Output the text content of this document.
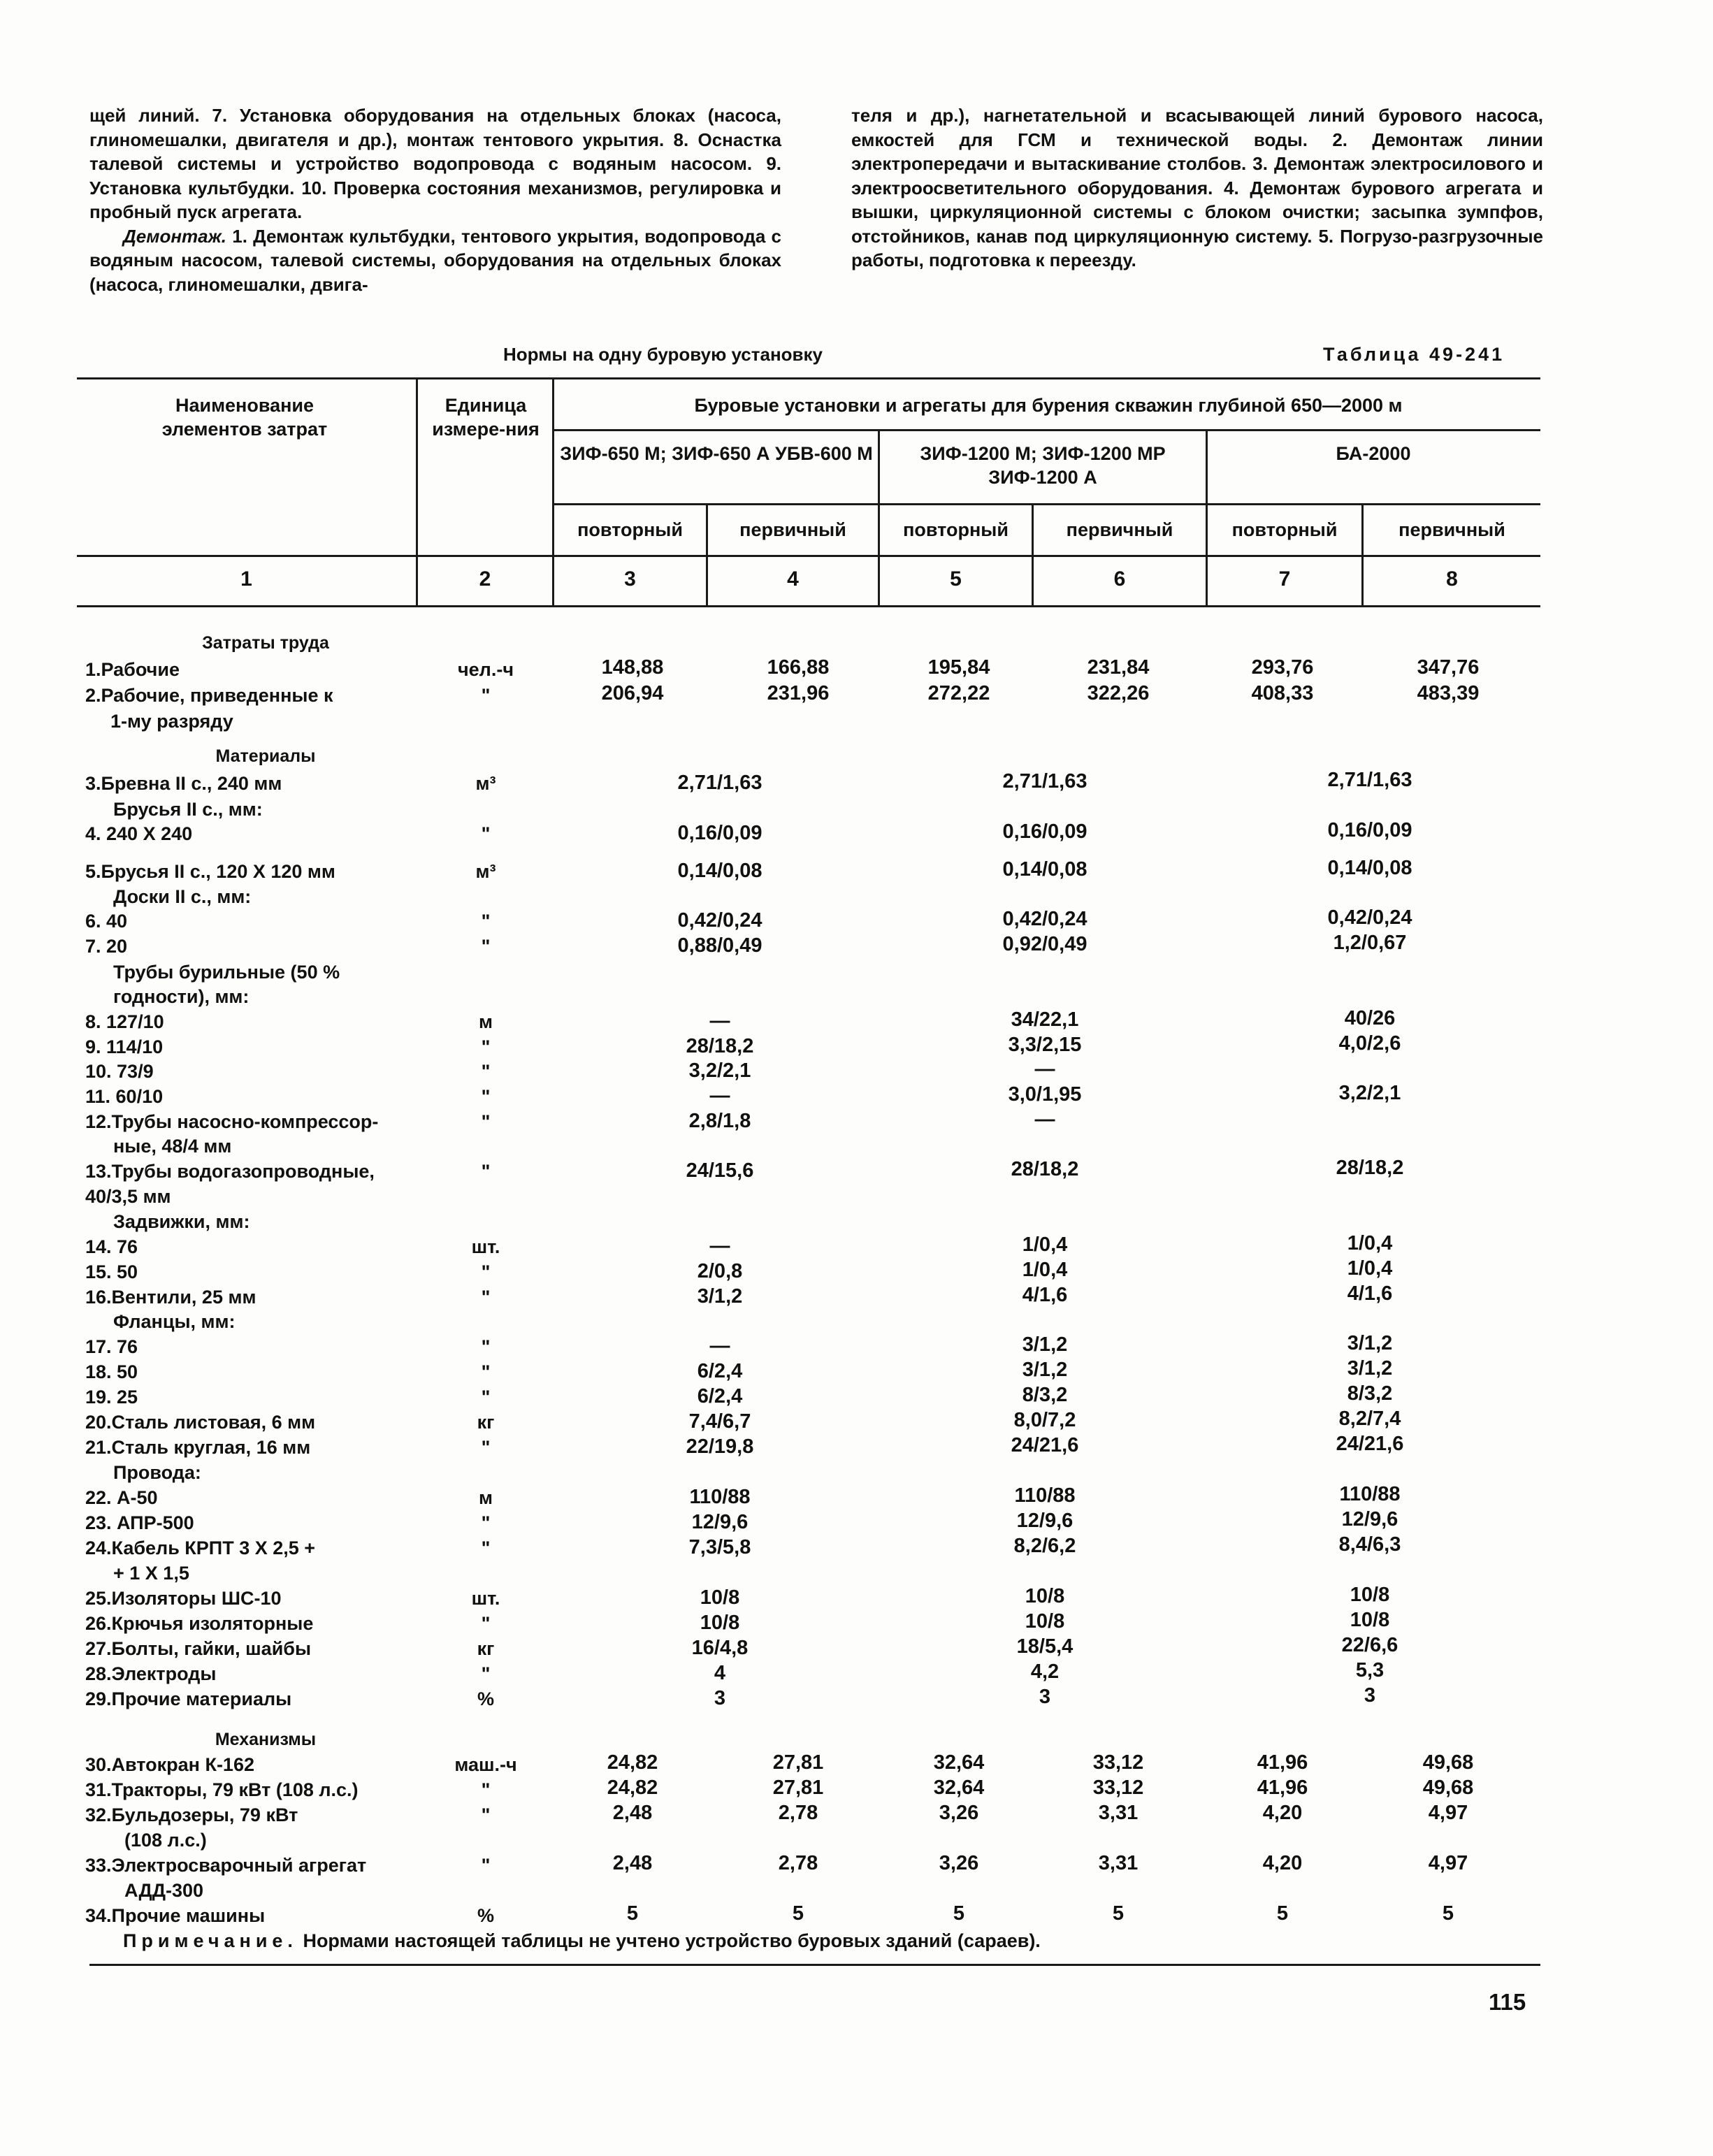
щей линий. 7. Установка оборудования на отдельных блоках (насоса, глиномешалки, двигателя и др.), монтаж тентового укрытия. 8. Оснастка талевой системы и устройство водопровода с водяным насосом. 9. Установка культбудки. 10. Проверка состояния механизмов, регулировка и пробный пуск агрегата.

Демонтаж. 1. Демонтаж культбудки, тентового укрытия, водопровода с водяным насосом, талевой системы, оборудования на отдельных блоках (насоса, глиномешалки, двига-

теля и др.), нагнетательной и всасывающей линий бурового насоса, емкостей для ГСМ и технической воды. 2. Демонтаж линии электропередачи и вытаскивание столбов. 3. Демонтаж электросилового и электроосветительного оборудования. 4. Демонтаж бурового агрегата и вышки, циркуляционной системы с блоком очистки; засыпка зумпфов, отстойников, канав под циркуляционную систему. 5. Погрузо-разгрузочные работы, подготовка к переезду.

Нормы на одну буровую установку	Таблица 49-241
Наименование элементов затрат
Единица измере-ния
Буровые установки и агрегаты для бурения скважин глубиной 650—2000 м
ЗИФ-650 М; ЗИФ-650 А УБВ-600 М	ЗИФ-1200 М; ЗИФ-1200 МР ЗИФ-1200 А
БА-2000
повторный	первичный	повторный	первичный	повторный	первичный
1	2	3	4	5	6	7	8
Затраты труда
Материалы
Механизмы
1.Рабочие	чел.-ч	148,88	166,88	195,84	231,84	293,76	347,76
2.Рабочие, приведенные к
1-му разряду
"	206,94	231,96	272,22	322,26	408,33	483,39
3.Бревна II с., 240 мм	м³	2,71/1,63	2,71/1,63	2,71/1,63
Брусья II с., мм:
4. 240 Х 240	"	0,16/0,09	0,16/0,09	0,16/0,09
5.Брусья II с., 120 Х 120 мм	м³	0,14/0,08	0,14/0,08	0,14/0,08
Доски II с., мм:
6. 40	"	0,42/0,24	0,42/0,24	0,42/0,24
7. 20	"	0,88/0,49	0,92/0,49	1,2/0,67
Трубы бурильные (50 %
годности), мм:
8. 127/10	м	—	34/22,1	40/26
9. 114/10	"	28/18,2	3,3/2,15	4,0/2,6
10. 73/9	"	3,2/2,1	—
11. 60/10	"	—	3,0/1,95	3,2/2,1
12.Трубы насосно-компрессор-	"	2,8/1,8	—
ные, 48/4 мм
13.Трубы водогазопроводные,	"	24/15,6	28/18,2	28/18,2
40/3,5 мм
Задвижки, мм:
14. 76	шт.	—	1/0,4	1/0,4
15. 50	"	2/0,8	1/0,4	1/0,4
16.Вентили, 25 мм	"	3/1,2	4/1,6	4/1,6
Фланцы, мм:
17. 76	"	—	3/1,2	3/1,2
18. 50	"	6/2,4	3/1,2	3/1,2
19. 25	"	6/2,4	8/3,2	8/3,2
20.Сталь листовая, 6 мм	кг	7,4/6,7	8,0/7,2	8,2/7,4
21.Сталь круглая, 16 мм	"	22/19,8	24/21,6	24/21,6
Провода:
22. А-50	м	110/88	110/88	110/88
23. АПР-500	"	12/9,6	12/9,6	12/9,6
24.Кабель КРПТ 3 Х 2,5 +	"	7,3/5,8	8,2/6,2	8,4/6,3
+ 1 Х 1,5
25.Изоляторы ШС-10	шт.	10/8	10/8	10/8
26.Крючья изоляторные	"	10/8	10/8	10/8
27.Болты, гайки, шайбы	кг	16/4,8	18/5,4	22/6,6
28.Электроды	"	4	4,2	5,3
29.Прочие материалы	%	3	3	3
30.Автокран К-162	маш.-ч	24,82	27,81	32,64	33,12	41,96	49,68
31.Тракторы, 79 кВт (108 л.с.)	"	24,82	27,81	32,64	33,12	41,96	49,68
32.Бульдозеры, 79 кВт
(108 л.с.)
"	2,48	2,78	3,26	3,31	4,20	4,97
33.Электросварочный агрегат
АДД-300
"	2,48	2,78	3,26	3,31	4,20	4,97
34.Прочие машины	%	5	5	5	5	5	5
Примечание. Нормами настоящей таблицы не учтено устройство буровых зданий (сараев).
115
